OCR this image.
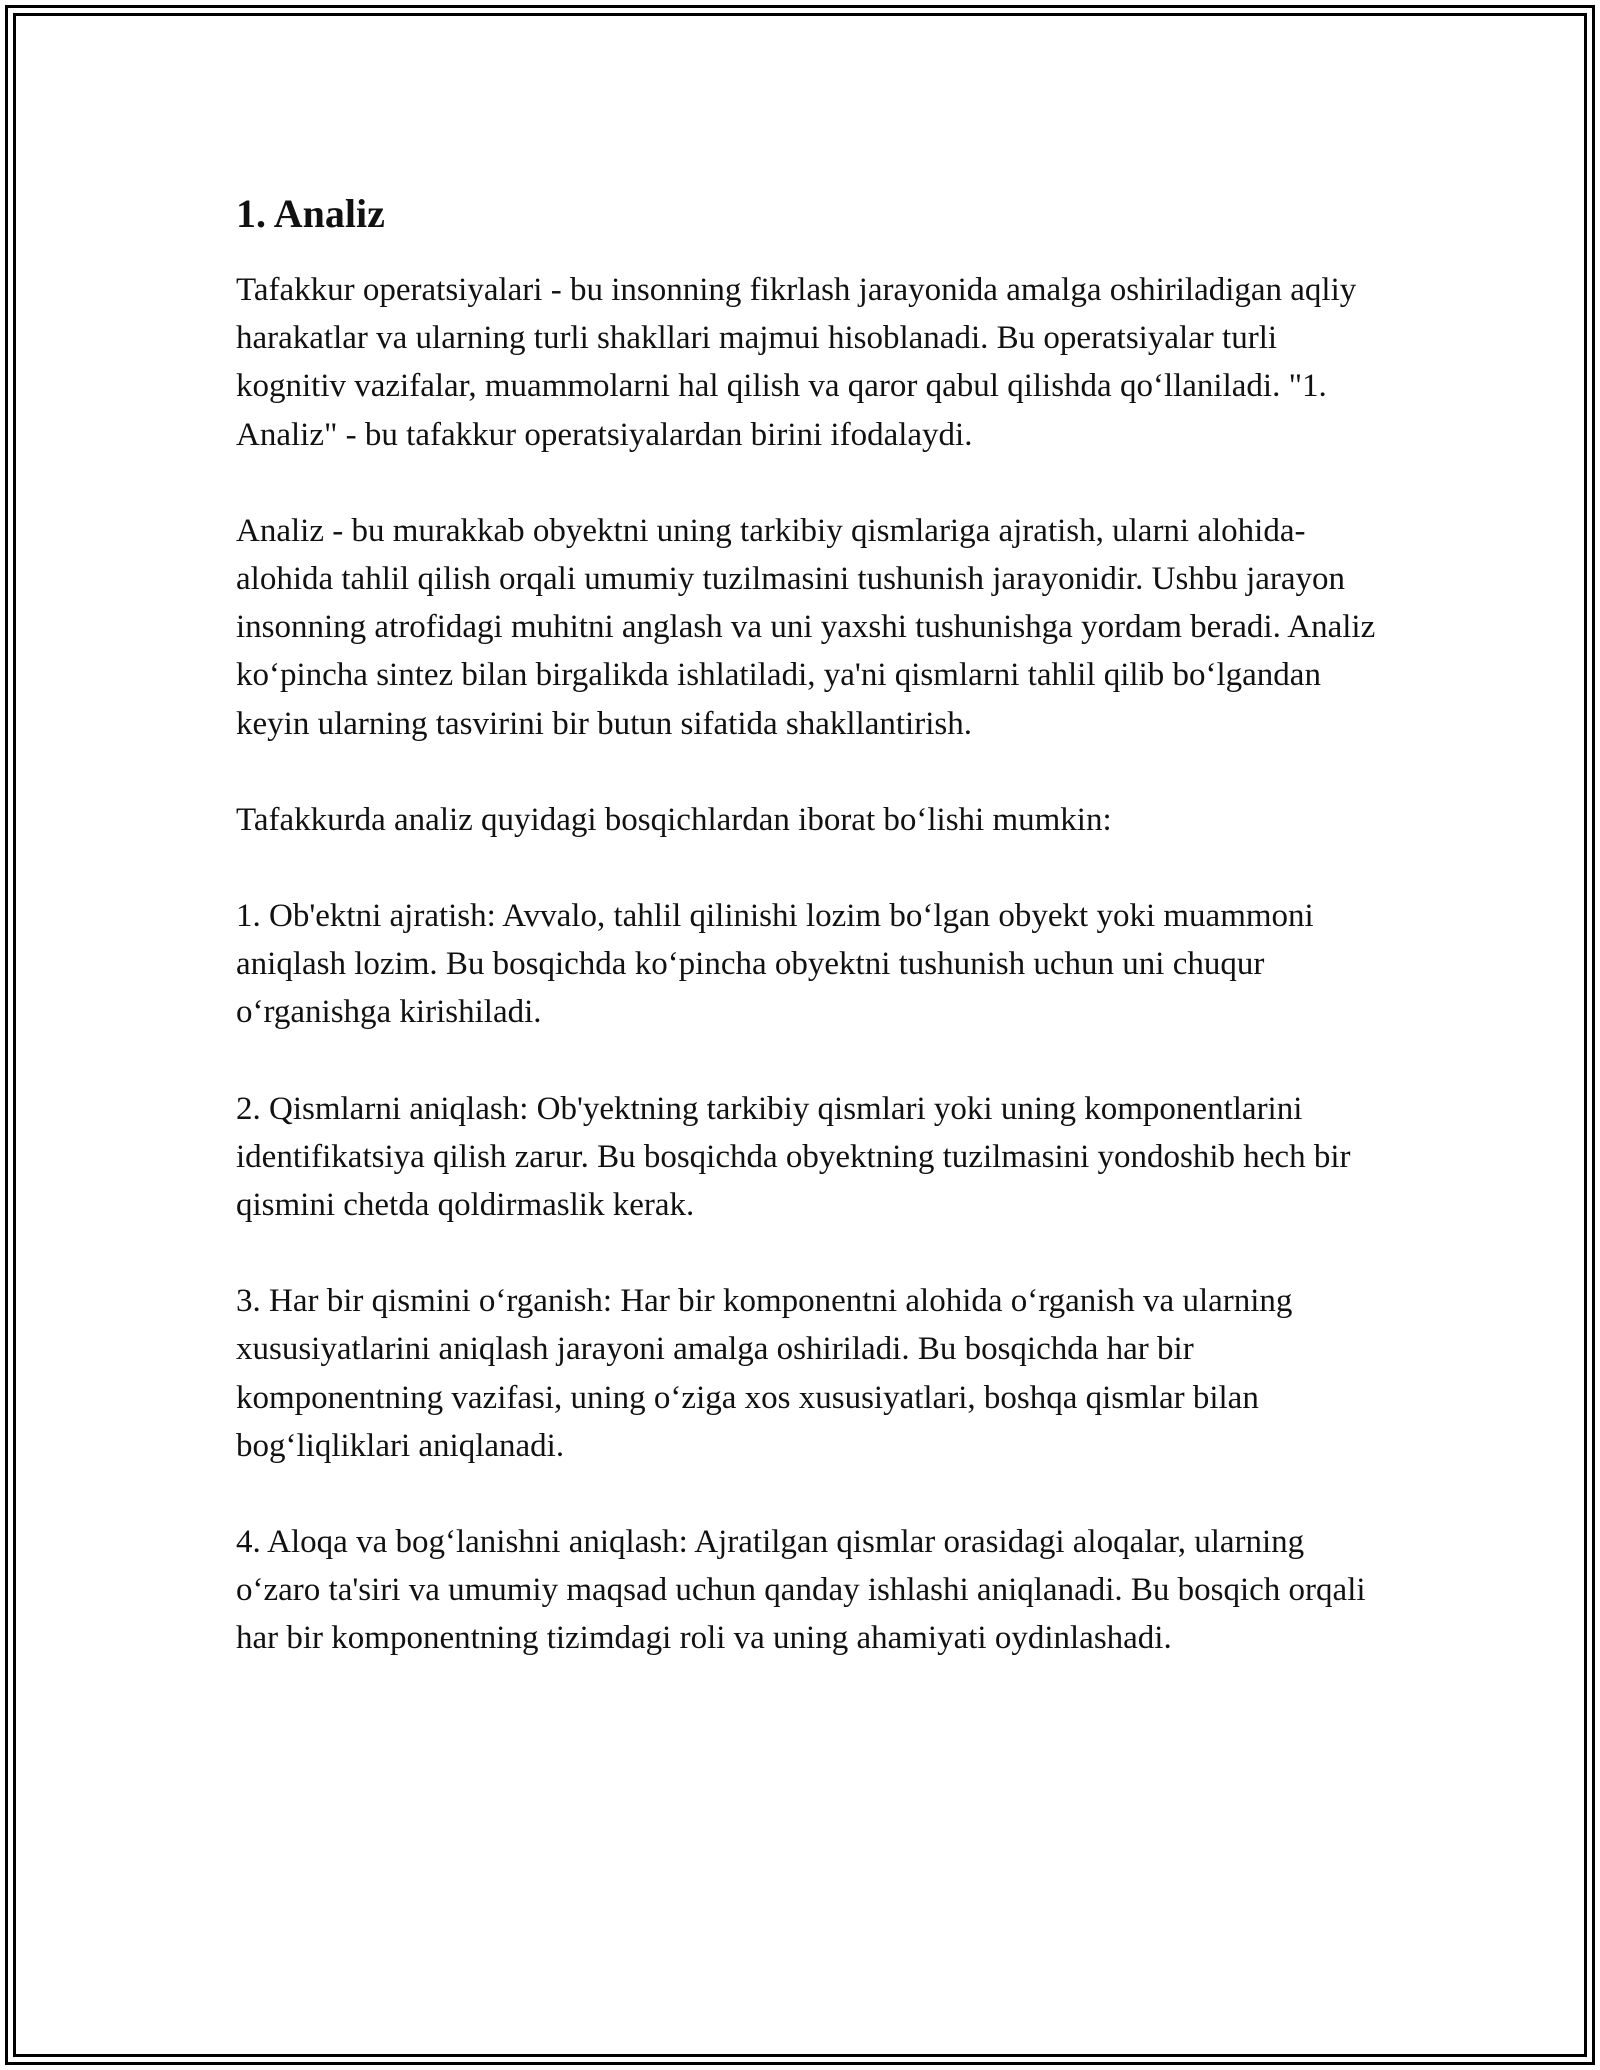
1. Analiz

Tafakkur operatsiyalari - bu insonning fikrlash jarayonida amalga oshiriladigan aqliy harakatlar va ularning turli shakllari majmui hisoblanadi. Bu operatsiyalar turli kognitiv vazifalar, muammolarni hal qilish va qaror qabul qilishda qo‘llaniladi. "1. Analiz" - bu tafakkur operatsiyalardan birini ifodalaydi.

Analiz - bu murakkab obyektni uning tarkibiy qismlariga ajratish, ularni alohida-alohida tahlil qilish orqali umumiy tuzilmasini tushunish jarayonidir. Ushbu jarayon insonning atrofidagi muhitni anglash va uni yaxshi tushunishga yordam beradi. Analiz ko‘pincha sintez bilan birgalikda ishlatiladi, ya'ni qismlarni tahlil qilib bo‘lgandan keyin ularning tasvirini bir butun sifatida shakllantirish.

Tafakkurda analiz quyidagi bosqichlardan iborat bo‘lishi mumkin:

1. Ob'ektni ajratish: Avvalo, tahlil qilinishi lozim bo‘lgan obyekt yoki muammoni aniqlash lozim. Bu bosqichda ko‘pincha obyektni tushunish uchun uni chuqur o‘rganishga kirishiladi.

2. Qismlarni aniqlash: Ob'yektning tarkibiy qismlari yoki uning komponentlarini identifikatsiya qilish zarur. Bu bosqichda obyektning tuzilmasini yondoshib hech bir qismini chetda qoldirmaslik kerak.

3. Har bir qismini o‘rganish: Har bir komponentni alohida o‘rganish va ularning xususiyatlarini aniqlash jarayoni amalga oshiriladi. Bu bosqichda har bir komponentning vazifasi, uning o‘ziga xos xususiyatlari, boshqa qismlar bilan bog‘liqliklari aniqlanadi.

4. Aloqa va bog‘lanishni aniqlash: Ajratilgan qismlar orasidagi aloqalar, ularning o‘zaro ta'siri va umumiy maqsad uchun qanday ishlashi aniqlanadi. Bu bosqich orqali har bir komponentning tizimdagi roli va uning ahamiyati oydinlashadi.
